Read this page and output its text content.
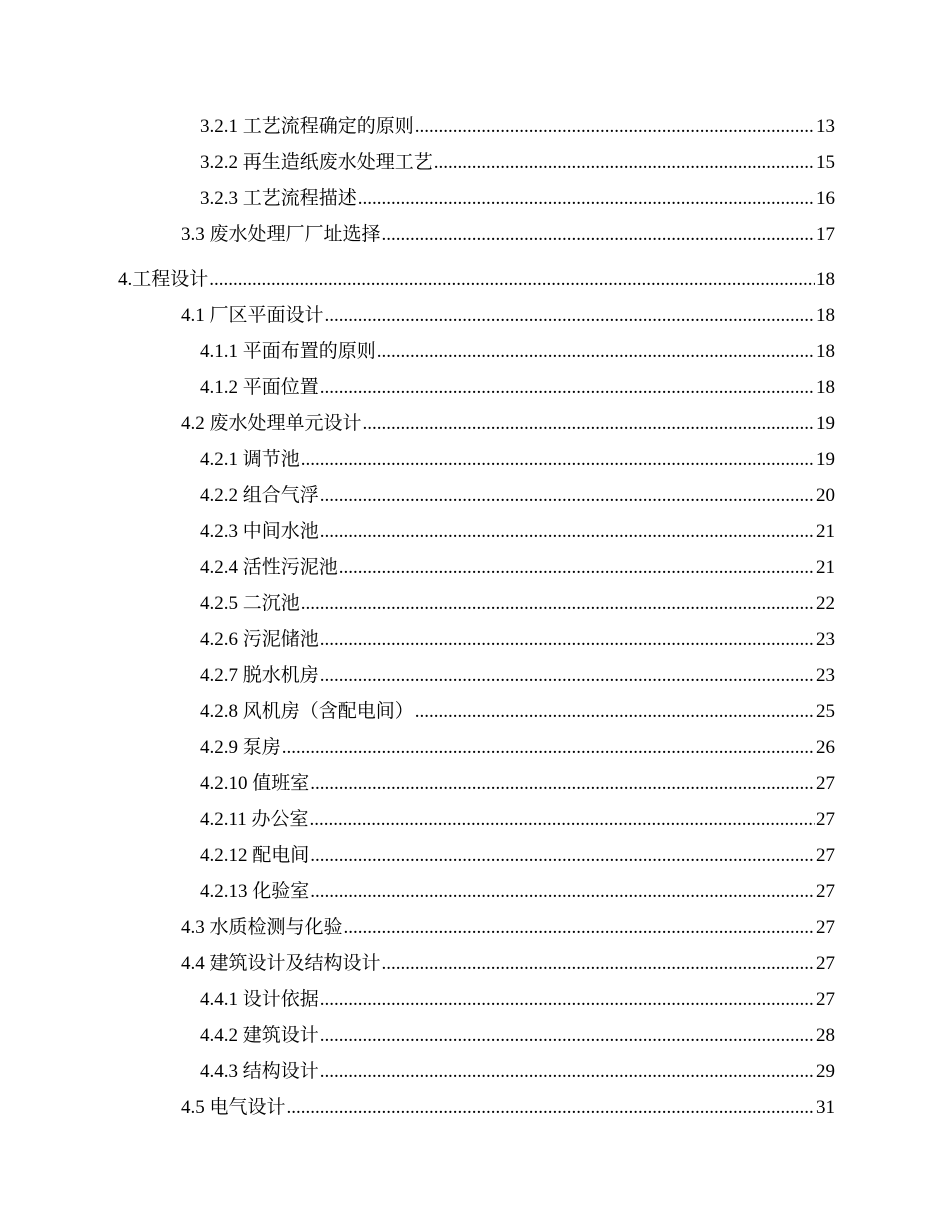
3.2.1 工艺流程确定的原则 .....	13
3.2.2 再生造纸废水处理工艺 .....	15
3.2.3 工艺流程描述 .....	16
3.3 废水处理厂厂址选择 .....	17
4.工程设计 .....	18
4.1 厂区平面设计 .....	18
4.1.1 平面布置的原则 .....	18
4.1.2 平面位置 .....	18
4.2 废水处理单元设计 .....	19
4.2.1 调节池 .....	19
4.2.2 组合气浮 .....	20
4.2.3 中间水池 .....	21
4.2.4 活性污泥池 .....	21
4.2.5 二沉池 .....	22
4.2.6 污泥储池 .....	23
4.2.7 脱水机房 .....	23
4.2.8 风机房（含配电间） .....	25
4.2.9 泵房 .....	26
4.2.10 值班室 .....	27
4.2.11 办公室 .....	27
4.2.12 配电间 .....	27
4.2.13 化验室 .....	27
4.3 水质检测与化验 .....	27
4.4 建筑设计及结构设计 .....	27
4.4.1 设计依据 .....	27
4.4.2 建筑设计 .....	28
4.4.3 结构设计 .....	29
4.5 电气设计 .....	31
